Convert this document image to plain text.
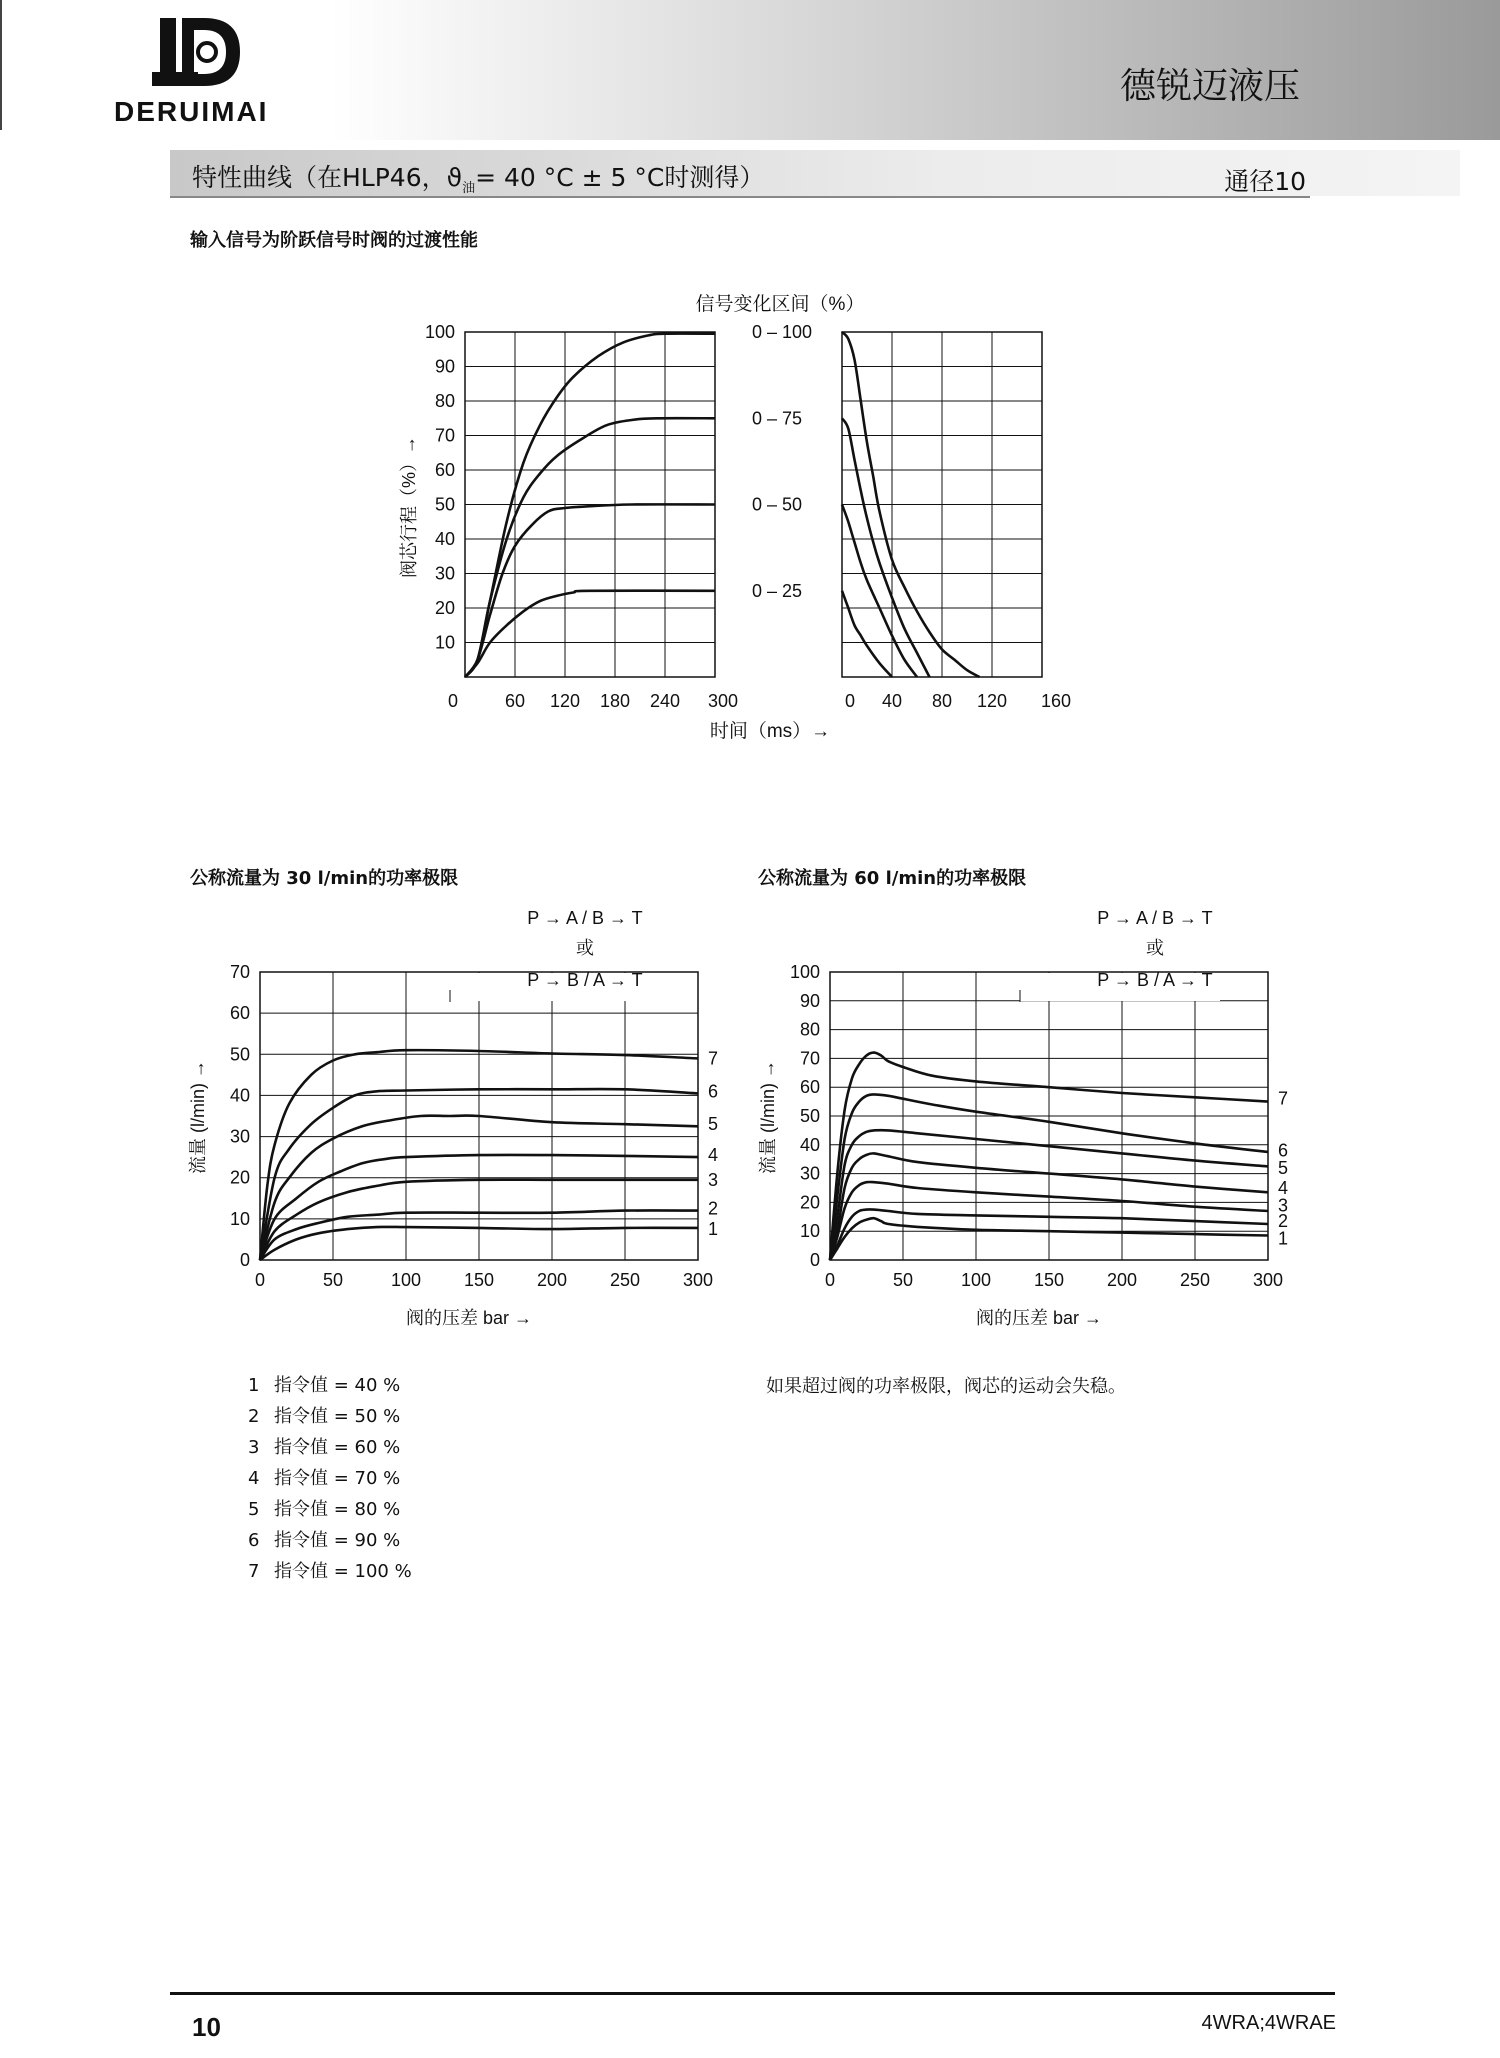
DERUIMAI
德锐迈液压
特性曲线（在HLP46，$ϑ_油= 40$ °C ± 5 °C时测得）	通径10
输入信号为阶跃信号时阀的过渡性能
公称流量为 30 l/min的功率极限	公称流量为 60 l/min的功率极限
10
20
30
40
50
60
70
80
90
100
0	60 120 180 240 300
阀芯行程（%）→
信号变化区间（%）
0 – 100
0 – 75
0 – 50
0 – 25
0 40 80 120 160
时间（ms）→
0
10
20
30
40
50
60
70
0	50	100 150 200 250 300
P → A / B → T
或
P → B / A → T
7
6
5
4
3
2
1
流量 (l/min) →
阀的压差 bar →
0
10
20
30
40
50
60
70
80
90
100
0	50	100 150 200 250 300
P → A / B → T
或
P → B / A → T
7
6
5
4
3
2
1
流量 (l/min) →
阀的压差 bar →
1 指令值 = 40 %
2 指令值 = 50 %
3 指令值 = 60 %
4 指令值 = 70 %
5 指令值 = 80 %
6 指令值 = 90 %
7 指令值 = 100 %
如果超过阀的功率极限，阀芯的运动会失稳。
10	4WRA;4WRAE
